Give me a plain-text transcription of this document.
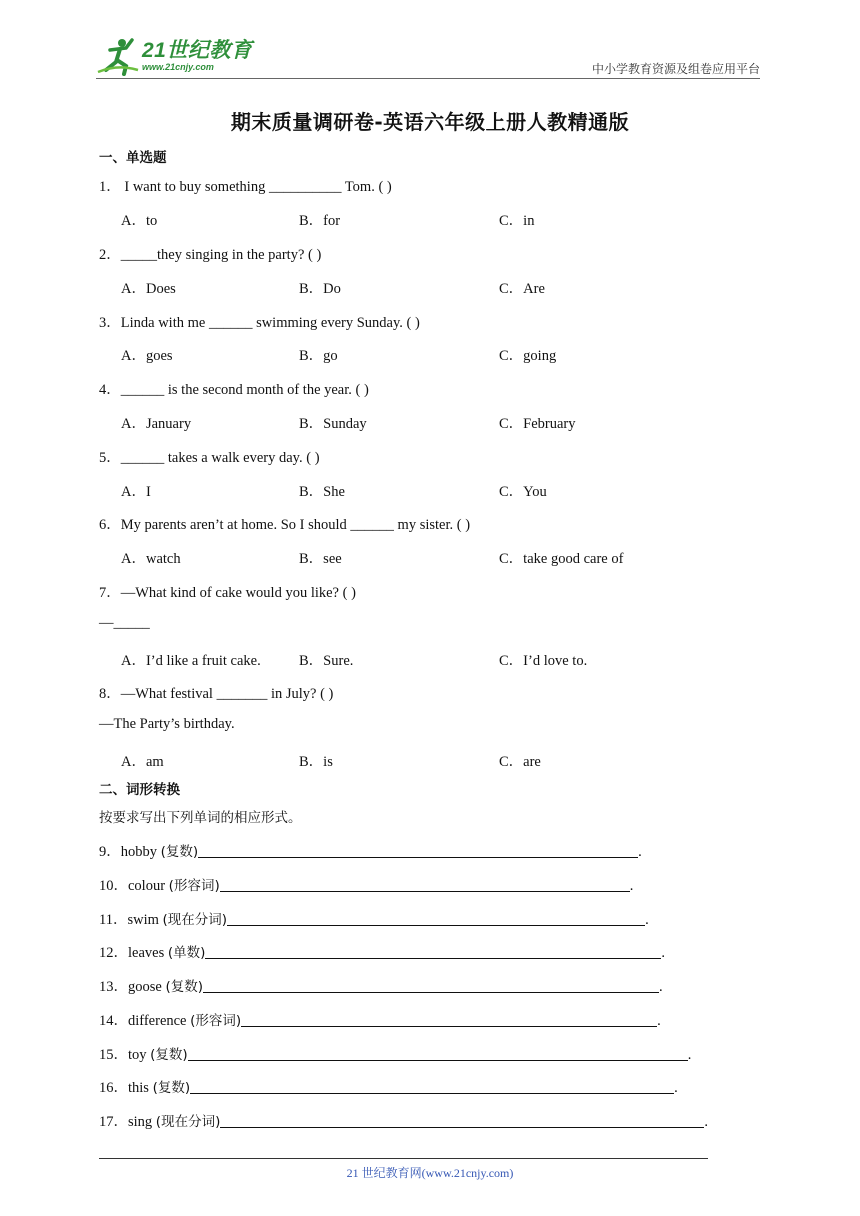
21世纪教育
www.21cnjy.com	中小学教育资源及组卷应用平台
期末质量调研卷-英语六年级上册人教精通版
一、单选题
1． I want to buy something __________ Tom. ( )
A．to	B．for	C．in
2．_____they singing in the party? ( )
A．Does	B．Do	C．Are
3．Linda with me ______ swimming every Sunday. ( )
A．goes	B．go	C．going
4．______ is the second month of the year. ( )
A．January	B．Sunday	C．February
5．______ takes a walk every day. ( )
A．I	B．She	C．You
6．My parents aren’t at home. So I should ______ my sister. ( )
A．watch	B．see	C．take good care of
7．—What kind of cake would you like? ( )
—_____
A．I’d like a fruit cake.	B．Sure.	C．I’d love to.
8．—What festival _______ in July? ( )
—The Party’s birthday.
A．am	B．is	C．are
二、词形转换
按要求写出下列单词的相应形式。
9．hobby (复数)	.
10．colour (形容词)	.
11．swim (现在分词)	.
12．leaves (单数)	.
13．goose (复数)	.
14．difference (形容词)	.
15．toy (复数)	.
16．this (复数)	.
17．sing (现在分词)	.
21 世纪教育网(www.21cnjy.com)
